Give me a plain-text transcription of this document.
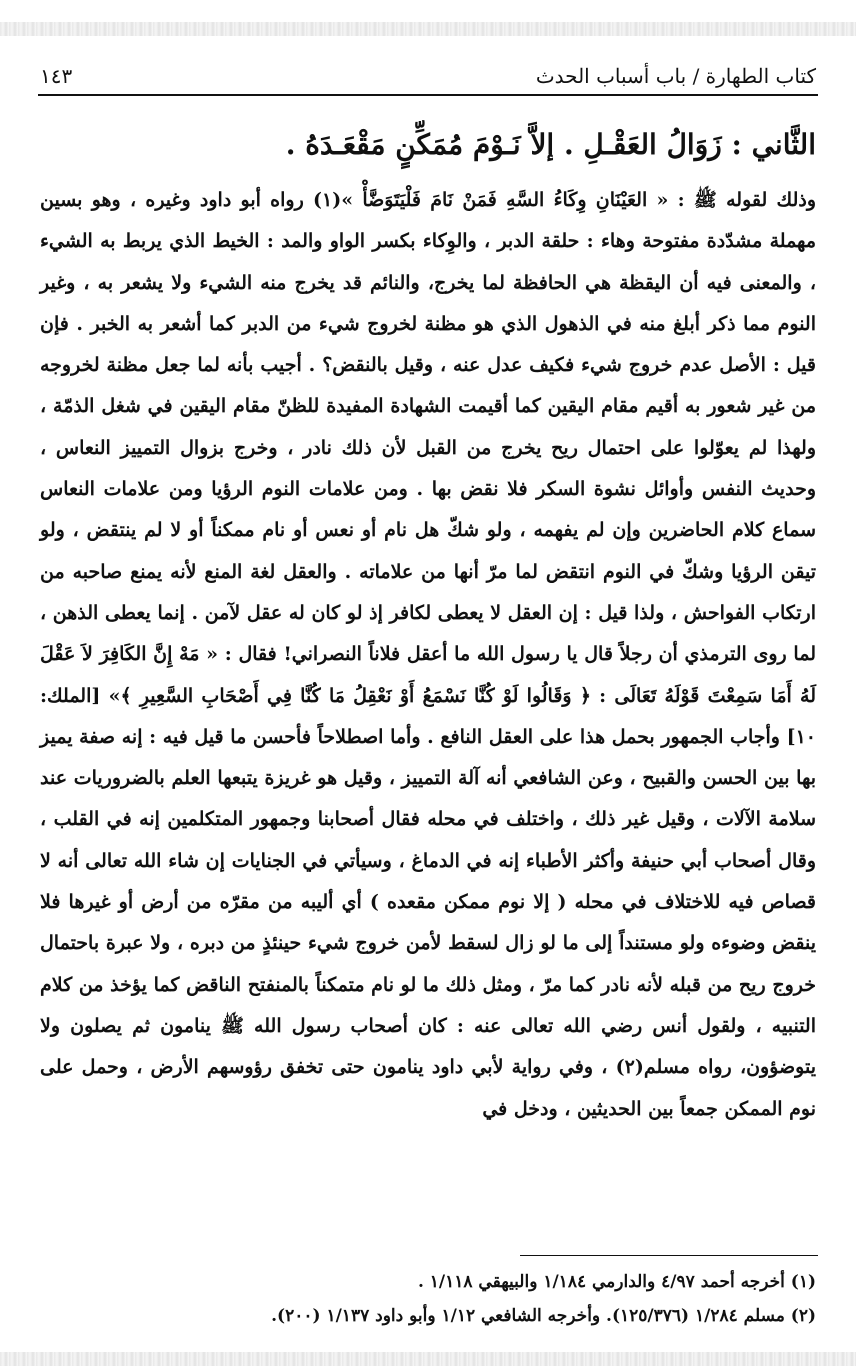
كتاب الطهارة / باب أسباب الحدث
١٤٣
الثَّاني : زَوَالُ العَقْـلِ . إلاَّ نَـوْمَ مُمَكِّنٍ مَقْعَـدَهُ .

وذلك لقوله ﷺ : « العَيْنَانِ وِكَاءُ السَّهِ فَمَنْ نَامَ فَلْيَتَوَضَّأْ »(١) رواه أبو داود وغيره ، وهو بسين مهملة مشدّدة مفتوحة وهاء : حلقة الدبر ، والوِكاء بكسر الواو والمد : الخيط الذي يربط به الشيء ، والمعنى فيه أن اليقظة هي الحافظة لما يخرج، والنائم قد يخرج منه الشيء ولا يشعر به ، وغير النوم مما ذكر أبلغ منه في الذهول الذي هو مظنة لخروج شيء من الدبر كما أشعر به الخبر . فإن قيل : الأصل عدم خروج شيء فكيف عدل عنه ، وقيل بالنقض؟ . أجيب بأنه لما جعل مظنة لخروجه من غير شعور به أقيم مقام اليقين كما أقيمت الشهادة المفيدة للظنّ مقام اليقين في شغل الذمّة ، ولهذا لم يعوّلوا على احتمال ريح يخرج من القبل لأن ذلك نادر ، وخرج بزوال التمييز النعاس ، وحديث النفس وأوائل نشوة السكر فلا نقض بها . ومن علامات النوم الرؤيا ومن علامات النعاس سماع كلام الحاضرين وإن لم يفهمه ، ولو شكّ هل نام أو نعس أو نام ممكناً أو لا لم ينتقض ، ولو تيقن الرؤيا وشكّ في النوم انتقض لما مرّ أنها من علاماته . والعقل لغة المنع لأنه يمنع صاحبه من ارتكاب الفواحش ، ولذا قيل : إن العقل لا يعطى لكافر إذ لو كان له عقل لآمن . إنما يعطى الذهن ، لما روى الترمذي أن رجلاً قال يا رسول الله ما أعقل فلاناً النصراني! فقال : « مَهْ إِنَّ الكَافِرَ لاَ عَقْلَ لَهُ أَمَا سَمِعْتَ قَوْلَهُ تَعَالَى : ﴿ وَقَالُوا لَوْ كُنَّا نَسْمَعُ أَوْ نَعْقِلُ مَا كُنَّا فِي أَصْحَابِ السَّعِيرِ ﴾» [الملك: ١٠] وأجاب الجمهور بحمل هذا على العقل النافع . وأما اصطلاحاً فأحسن ما قيل فيه : إنه صفة يميز بها بين الحسن والقبيح ، وعن الشافعي أنه آلة التمييز ، وقيل هو غريزة يتبعها العلم بالضروريات عند سلامة الآلات ، وقيل غير ذلك ، واختلف في محله فقال أصحابنا وجمهور المتكلمين إنه في القلب ، وقال أصحاب أبي حنيفة وأكثر الأطباء إنه في الدماغ ، وسيأتي في الجنايات إن شاء الله تعالى أنه لا قصاص فيه للاختلاف في محله ( إلا نوم ممكن مقعده ) أي أليبه من مقرّه من أرض أو غيرها فلا ينقض وضوءه ولو مستنداً إلى ما لو زال لسقط لأمن خروج شيء حينئذٍ من دبره ، ولا عبرة باحتمال خروج ريح من قبله لأنه نادر كما مرّ ، ومثل ذلك ما لو نام متمكناً بالمنفتح الناقض كما يؤخذ من كلام التنبيه ، ولقول أنس رضي الله تعالى عنه : كان أصحاب رسول الله ﷺ ينامون ثم يصلون ولا يتوضؤون، رواه مسلم(٢) ، وفي رواية لأبي داود ينامون حتى تخفق رؤوسهم الأرض ، وحمل على نوم الممكن جمعاً بين الحديثين ، ودخل في

(١) أخرجه أحمد ٤/٩٧ والدارمي ١/١٨٤ والبيهقي ١/١١٨ .
(٢) مسلم ١/٢٨٤ (١٢٥/٣٧٦). وأخرجه الشافعي ١/١٢ وأبو داود ١/١٣٧ (٢٠٠).
